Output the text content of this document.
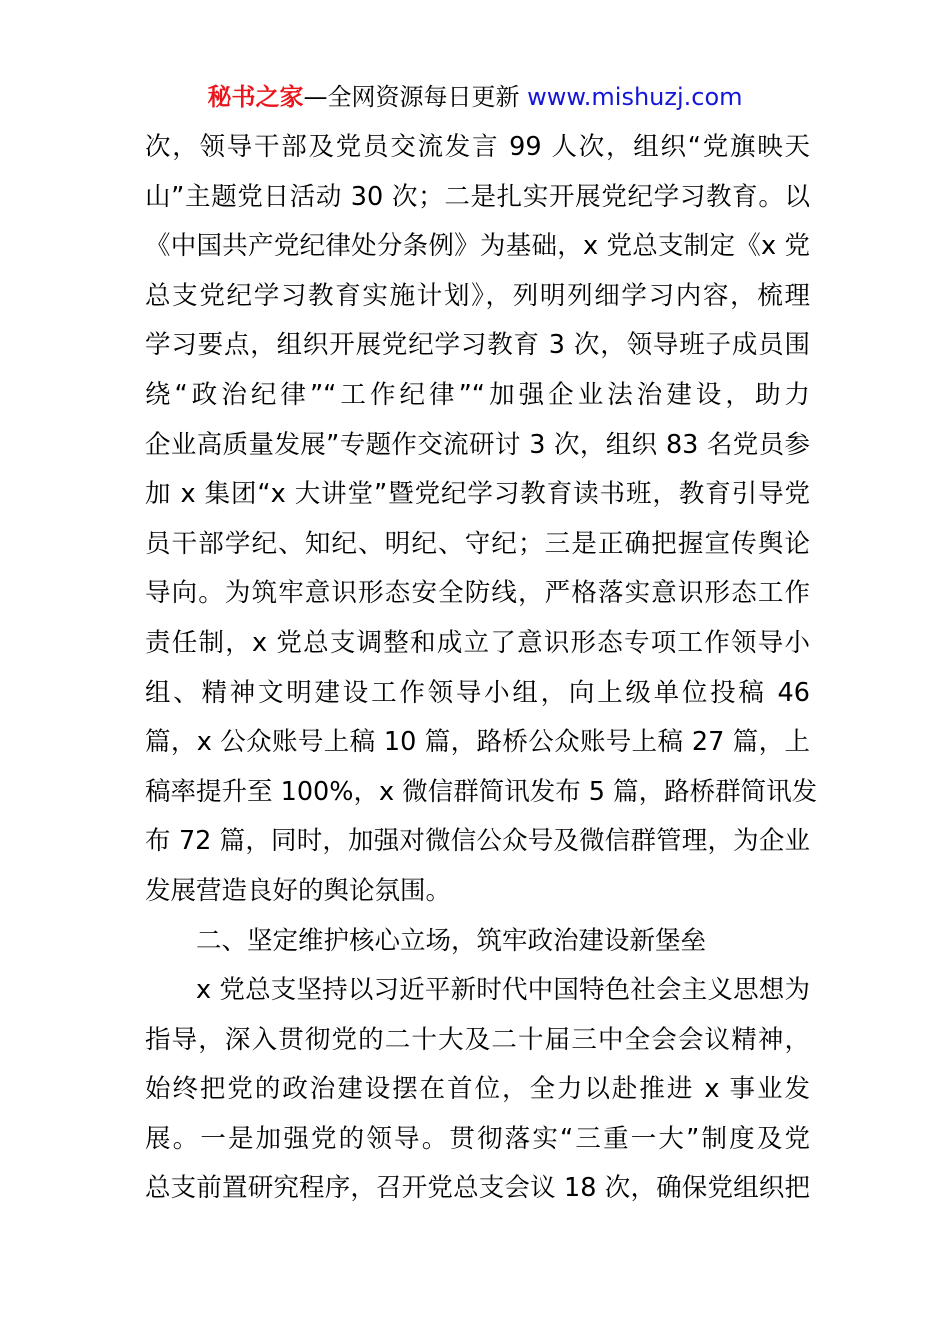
秘书之家—全网资源每日更新 www.mishuzj.com
次，领导干部及党员交流发言 99 人次，组织“党旗映天
山”主题党日活动 30 次；二是扎实开展党纪学习教育。以
《中国共产党纪律处分条例》为基础，x 党总支制定《x 党
总支党纪学习教育实施计划》，列明列细学习内容，梳理
学习要点，组织开展党纪学习教育 3 次，领导班子成员围
绕“政治纪律”“工作纪律”“加强企业法治建设，助力
企业高质量发展”专题作交流研讨 3 次，组织 83 名党员参
加 x 集团“x 大讲堂”暨党纪学习教育读书班，教育引导党
员干部学纪、知纪、明纪、守纪；三是正确把握宣传舆论
导向。为筑牢意识形态安全防线，严格落实意识形态工作
责任制，x 党总支调整和成立了意识形态专项工作领导小
组、精神文明建设工作领导小组，向上级单位投稿 46
篇，x 公众账号上稿 10 篇，路桥公众账号上稿 27 篇，上
稿率提升至 100%，x 微信群简讯发布 5 篇，路桥群简讯发
布 72 篇，同时，加强对微信公众号及微信群管理，为企业
发展营造良好的舆论氛围。
二、坚定维护核心立场，筑牢政治建设新堡垒
x 党总支坚持以习近平新时代中国特色社会主义思想为
指导，深入贯彻党的二十大及二十届三中全会会议精神，
始终把党的政治建设摆在首位，全力以赴推进 x 事业发
展。一是加强党的领导。贯彻落实“三重一大”制度及党
总支前置研究程序，召开党总支会议 18 次，确保党组织把
